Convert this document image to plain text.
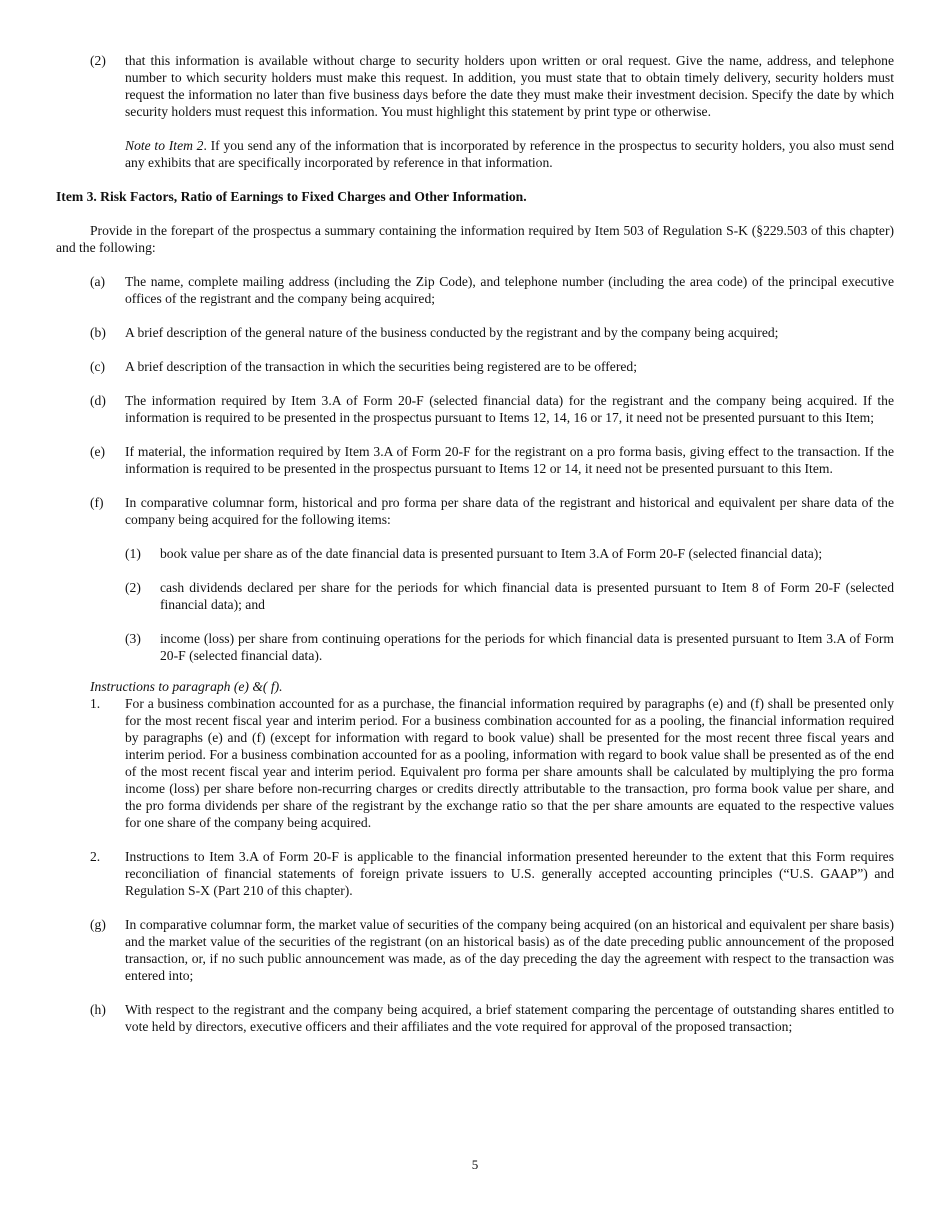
(2) that this information is available without charge to security holders upon written or oral request. Give the name, address, and telephone number to which security holders must make this request. In addition, you must state that to obtain timely delivery, security holders must request the information no later than five business days before the date they must make their investment decision. Specify the date by which security holders must request this information. You must highlight this statement by print type or otherwise.

Note to Item 2. If you send any of the information that is incorporated by reference in the prospectus to security holders, you also must send any exhibits that are specifically incorporated by reference in that information.

Item 3. Risk Factors, Ratio of Earnings to Fixed Charges and Other Information.

Provide in the forepart of the prospectus a summary containing the information required by Item 503 of Regulation S-K (§229.503 of this chapter) and the following:

(a) The name, complete mailing address (including the Zip Code), and telephone number (including the area code) of the principal executive offices of the registrant and the company being acquired;

(b) A brief description of the general nature of the business conducted by the registrant and by the company being acquired;

(c) A brief description of the transaction in which the securities being registered are to be offered;

(d) The information required by Item 3.A of Form 20-F (selected financial data) for the registrant and the company being acquired. If the information is required to be presented in the prospectus pursuant to Items 12, 14, 16 or 17, it need not be presented pursuant to this Item;

(e) If material, the information required by Item 3.A of Form 20-F for the registrant on a pro forma basis, giving effect to the transaction. If the information is required to be presented in the prospectus pursuant to Items 12 or 14, it need not be presented pursuant to this Item.

(f) In comparative columnar form, historical and pro forma per share data of the registrant and historical and equivalent per share data of the company being acquired for the following items:

(1) book value per share as of the date financial data is presented pursuant to Item 3.A of Form 20-F (selected financial data);

(2) cash dividends declared per share for the periods for which financial data is presented pursuant to Item 8 of Form 20-F (selected financial data); and

(3) income (loss) per share from continuing operations for the periods for which financial data is presented pursuant to Item 3.A of Form 20-F (selected financial data).

Instructions to paragraph (e) &( f).

1. For a business combination accounted for as a purchase, the financial information required by paragraphs (e) and (f) shall be presented only for the most recent fiscal year and interim period. For a business combination accounted for as a pooling, the financial information required by paragraphs (e) and (f) (except for information with regard to book value) shall be presented for the most recent three fiscal years and interim period. For a business combination accounted for as a pooling, information with regard to book value shall be presented as of the end of the most recent fiscal year and interim period. Equivalent pro forma per share amounts shall be calculated by multiplying the pro forma income (loss) per share before non-recurring charges or credits directly attributable to the transaction, pro forma book value per share, and the pro forma dividends per share of the registrant by the exchange ratio so that the per share amounts are equated to the respective values for one share of the company being acquired.

2. Instructions to Item 3.A of Form 20-F is applicable to the financial information presented hereunder to the extent that this Form requires reconciliation of financial statements of foreign private issuers to U.S. generally accepted accounting principles (“U.S. GAAP”) and Regulation S-X (Part 210 of this chapter).

(g) In comparative columnar form, the market value of securities of the company being acquired (on an historical and equivalent per share basis) and the market value of the securities of the registrant (on an historical basis) as of the date preceding public announcement of the proposed transaction, or, if no such public announcement was made, as of the day preceding the day the agreement with respect to the transaction was entered into;

(h) With respect to the registrant and the company being acquired, a brief statement comparing the percentage of outstanding shares entitled to vote held by directors, executive officers and their affiliates and the vote required for approval of the proposed transaction;

5
